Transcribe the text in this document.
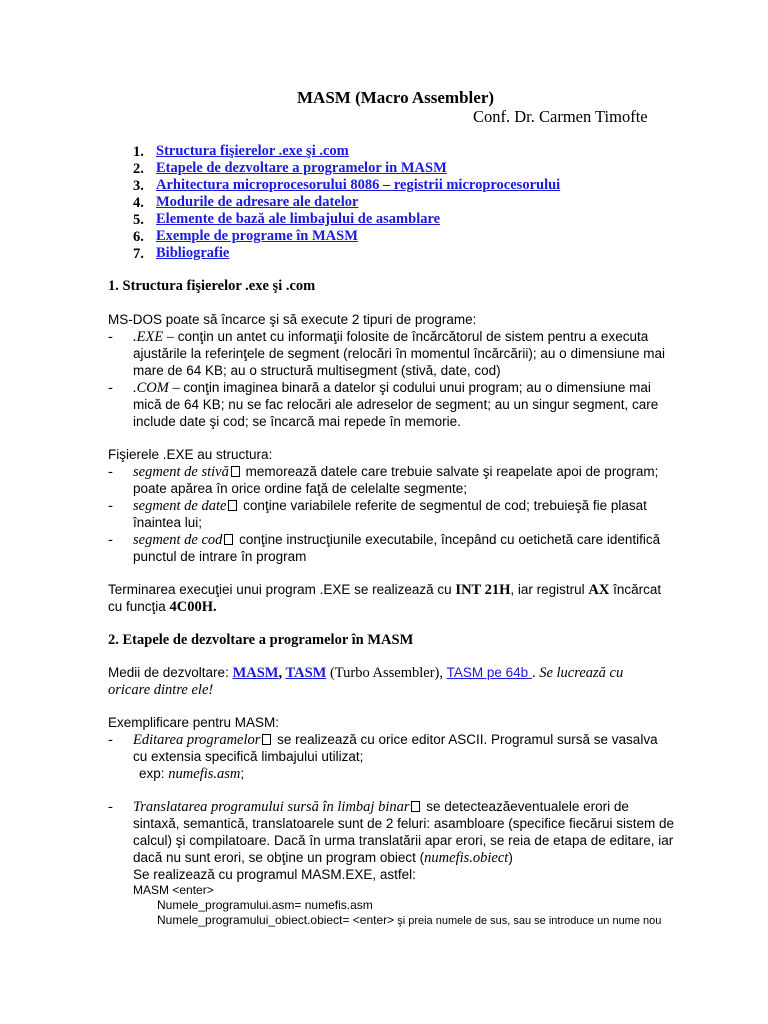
MASM (Macro Assembler)
Conf. Dr. Carmen Timofte
1. Structura fişierelor .exe şi .com
2. Etapele de dezvoltare a programelor in MASM
3. Arhitectura microprocesorului 8086 – registrii microprocesorului
4. Modurile de adresare ale datelor
5. Elemente de bază ale limbajului de asamblare
6. Exemple de programe în MASM
7. Bibliografie
1. Structura fişierelor .exe şi .com
MS-DOS poate să încarce şi să execute 2 tipuri de programe:
- .EXE – conţin un antet cu informaţii folosite de încărcătorul de sistem pentru a executa
ajustările la referinţele de segment (relocări în momentul încărcării); au o dimensiune mai
mare de 64 KB; au o structură multisegment (stivă, date, cod)
- .COM – conţin imaginea binară a datelor şi codului unui program; au o dimensiune mai
mică de 64 KB; nu se fac relocări ale adreselor de segment; au un singur segment, care
include date şi cod; se încarcă mai repede în memorie.
Fişierele .EXE au structura:
- segment de stivă memorează datele care trebuie salvate şi reapelate apoi de program;
poate apărea în orice ordine faţă de celelalte segmente;
- segment de date conţine variabilele referite de segmentul de cod; trebuieşă fie plasat
înaintea lui;
- segment de cod conţine instrucţiunile executabile, începând cu oetichetă care identifică
punctul de intrare în program
Terminarea execuţiei unui program .EXE se realizează cu INT 21H, iar registrul AX încărcat
cu funcţia 4C00H.
2. Etapele de dezvoltare a programelor în MASM
Medii de dezvoltare: MASM, TASM (Turbo Assembler), TASM pe 64b . Se lucrează cu
oricare dintre ele!
Exemplificare pentru MASM:
- Editarea programelor se realizează cu orice editor ASCII. Programul sursă se vasalva
cu extensia specifică limbajului utilizat;
exp: numefis.asm;
- Translatarea programului sursă în limbaj binar se detecteazăeventualele erori de
sintaxă, semantică, translatoarele sunt de 2 feluri: asambloare (specifice fiecărui sistem de
calcul) şi compilatoare. Dacă în urma translatării apar erori, se reia de etapa de editare, iar
dacă nu sunt erori, se obţine un program obiect (numefis.obiect)
Se realizează cu programul MASM.EXE, astfel:
MASM <enter>
Numele_programului.asm= numefis.asm
Numele_programului_obiect.obiect= <enter> şi preia numele de sus, sau se introduce un nume nou
